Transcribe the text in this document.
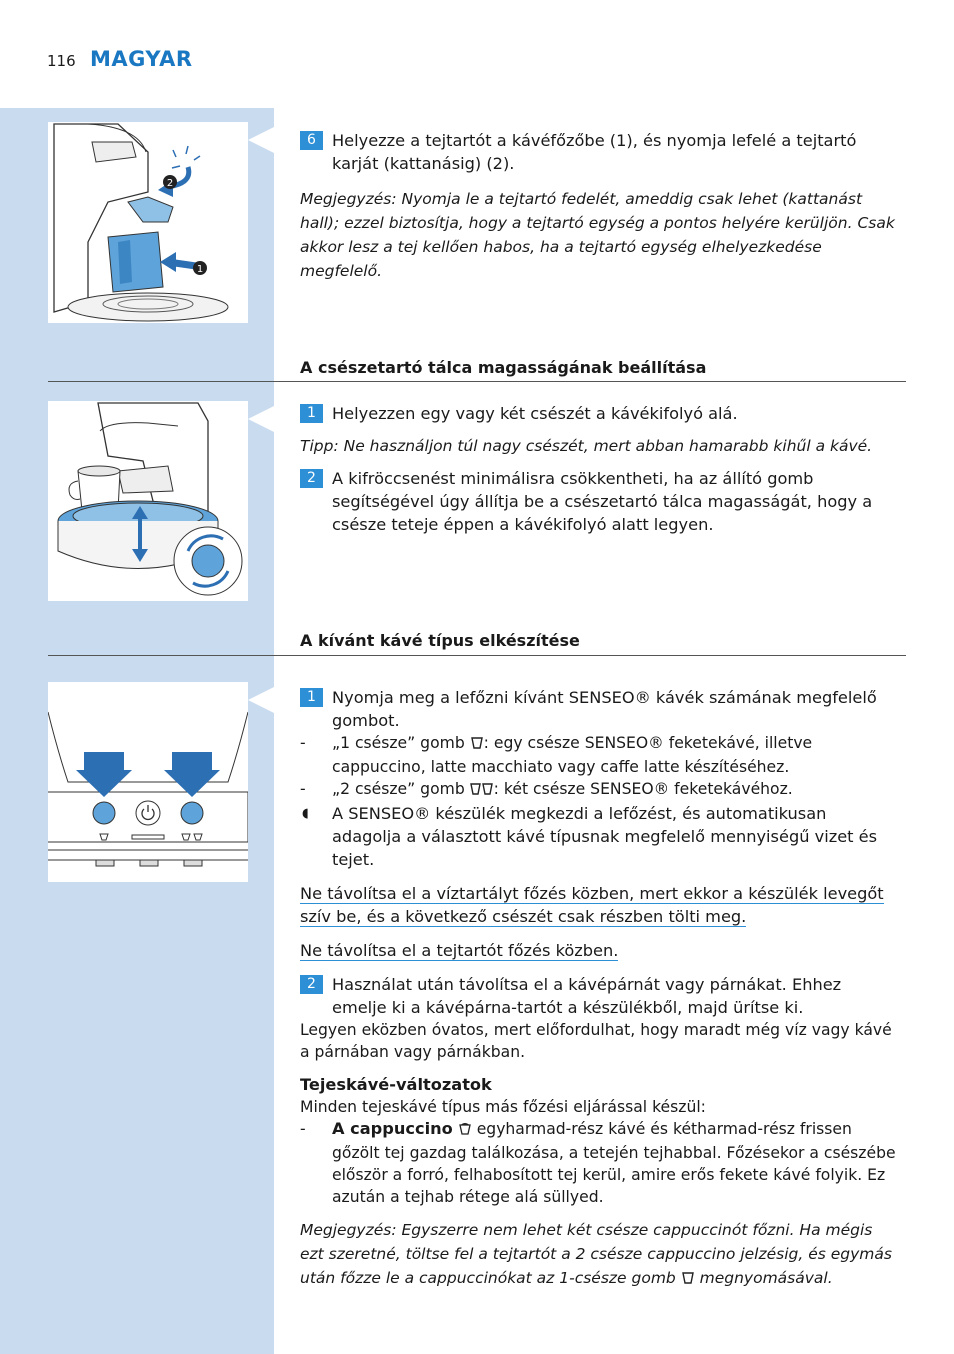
116 MAGYAR
1
2
6 Helyezze a tejtartót a kávéfőzőbe (1), és nyomja lefelé a tejtartó karját (kattanásig) (2).
Megjegyzés: Nyomja le a tejtartó fedelét, ameddig csak lehet (kattanást hall); ezzel biztosítja, hogy a tejtartó egység a pontos helyére kerüljön. Csak akkor lesz a tej kellően habos, ha a tejtartó egység elhelyezkedése megfelelő.
A csészetartó tálca magasságának beállítása
1 Helyezzen egy vagy két csészét a kávékifolyó alá.
Tipp: Ne használjon túl nagy csészét, mert abban hamarabb kihűl a kávé.
2 A kifröccsenést minimálisra csökkentheti, ha az állító gomb segítségével úgy állítja be a csészetartó tálca magasságát, hogy a csésze teteje éppen a kávékifolyó alatt legyen.
A kívánt kávé típus elkészítése
1 Nyomja meg a lefőzni kívánt SENSEO® kávék számának megfelelő gombot.
- „1 csésze” gomb : egy csésze SENSEO® feketekávé, illetve cappuccino, latte macchiato vagy caffe latte készítéséhez.
- „2 csésze” gomb : két csésze SENSEO® feketekávéhoz.
◖ A SENSEO® készülék megkezdi a lefőzést, és automatikusan adagolja a választott kávé típusnak megfelelő mennyiségű vizet és tejet.
Ne távolítsa el a víztartályt főzés közben, mert ekkor a készülék levegőt szív be, és a következő csészét csak részben tölti meg.
Ne távolítsa el a tejtartót főzés közben.
2 Használat után távolítsa el a kávépárnát vagy párnákat. Ehhez emelje ki a kávépárna-tartót a készülékből, majd ürítse ki.
Legyen eközben óvatos, mert előfordulhat, hogy maradt még víz vagy kávé a párnában vagy párnákban.
Tejeskávé-változatok
Minden tejeskávé típus más főzési eljárással készül:
- A cappuccino  egyharmad-rész kávé és kétharmad-rész frissen gőzölt tej gazdag találkozása, a tetején tejhabbal. Főzésekor a csészébe először a forró, felhabosított tej kerül, amire erős fekete kávé folyik. Ez azután a tejhab rétege alá süllyed.
Megjegyzés: Egyszerre nem lehet két csésze cappuccinót főzni. Ha mégis ezt szeretné, töltse fel a tejtartót a 2 csésze cappuccino jelzésig, és egymás után főzze le a cappuccinókat az 1-csésze gomb  megnyomásával.
